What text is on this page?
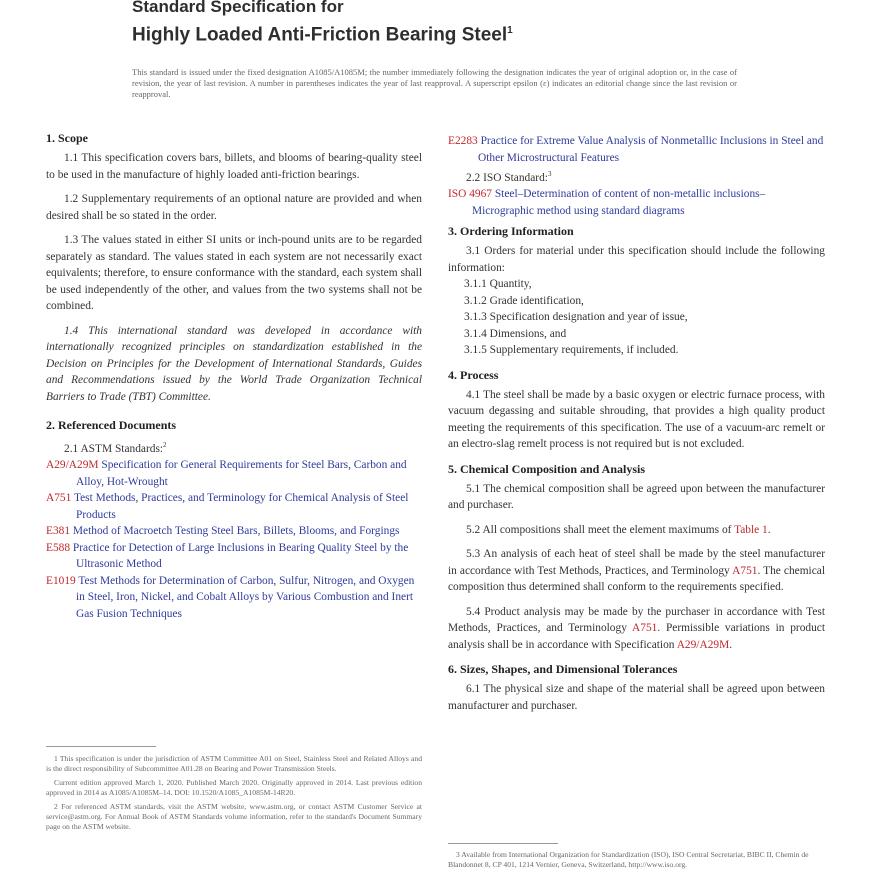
Standard Specification for
Highly Loaded Anti-Friction Bearing Steel$^1$
This standard is issued under the fixed designation A1085/A1085M; the number immediately following the designation indicates the year of original adoption or, in the case of revision, the year of last revision. A number in parentheses indicates the year of last reapproval. A superscript epsilon (ε) indicates an editorial change since the last revision or reapproval.
1. Scope

1.1 This specification covers bars, billets, and blooms of bearing-quality steel to be used in the manufacture of highly loaded anti-friction bearings.

1.2 Supplementary requirements of an optional nature are provided and when desired shall be so stated in the order.

1.3 The values stated in either SI units or inch-pound units are to be regarded separately as standard. The values stated in each system are not necessarily exact equivalents; therefore, to ensure conformance with the standard, each system shall be used independently of the other, and values from the two systems shall not be combined.

1.4 This international standard was developed in accordance with internationally recognized principles on standardization established in the Decision on Principles for the Development of International Standards, Guides and Recommendations issued by the World Trade Organization Technical Barriers to Trade (TBT) Committee.

2. Referenced Documents

2.1 ASTM Standards:$^2$

A29/A29M Specification for General Requirements for Steel Bars, Carbon and Alloy, Hot-Wrought

A751 Test Methods, Practices, and Terminology for Chemical Analysis of Steel Products

E381 Method of Macroetch Testing Steel Bars, Billets, Blooms, and Forgings

E588 Practice for Detection of Large Inclusions in Bearing Quality Steel by the Ultrasonic Method

E1019 Test Methods for Determination of Carbon, Sulfur, Nitrogen, and Oxygen in Steel, Iron, Nickel, and Cobalt Alloys by Various Combustion and Inert Gas Fusion Techniques

1 This specification is under the jurisdiction of ASTM Committee A01 on Steel, Stainless Steel and Related Alloys and is the direct responsibility of Subcommittee A01.28 on Bearing and Power Transmission Steels.

Current edition approved March 1, 2020. Published March 2020. Originally approved in 2014. Last previous edition approved in 2014 as A1085/A1085M–14. DOI: 10.1520/A1085_A1085M-14R20.

2 For referenced ASTM standards, visit the ASTM website, www.astm.org, or contact ASTM Customer Service at service@astm.org. For Annual Book of ASTM Standards volume information, refer to the standard's Document Summary page on the ASTM website.

E2283 Practice for Extreme Value Analysis of Nonmetallic Inclusions in Steel and Other Microstructural Features

2.2 ISO Standard:$^3$

ISO 4967 Steel–Determination of content of non-metallic inclusions–Micrographic method using standard diagrams

3. Ordering Information

3.1 Orders for material under this specification should include the following information:

3.1.1 Quantity,

3.1.2 Grade identification,

3.1.3 Specification designation and year of issue,

3.1.4 Dimensions, and

3.1.5 Supplementary requirements, if included.

4. Process

4.1 The steel shall be made by a basic oxygen or electric furnace process, with vacuum degassing and suitable shrouding, that provides a high quality product meeting the requirements of this specification. The use of a vacuum-arc remelt or an electro-slag remelt process is not required but is not excluded.

5. Chemical Composition and Analysis

5.1 The chemical composition shall be agreed upon between the manufacturer and purchaser.

5.2 All compositions shall meet the element maximums of Table 1.

5.3 An analysis of each heat of steel shall be made by the steel manufacturer in accordance with Test Methods, Practices, and Terminology A751. The chemical composition thus determined shall conform to the requirements specified.

5.4 Product analysis may be made by the purchaser in accordance with Test Methods, Practices, and Terminology A751. Permissible variations in product analysis shall be in accordance with Specification A29/A29M.

6. Sizes, Shapes, and Dimensional Tolerances

6.1 The physical size and shape of the material shall be agreed upon between manufacturer and purchaser.

3 Available from International Organization for Standardization (ISO), ISO Central Secretariat, BIBC II, Chemin de Blandonnet 8, CP 401, 1214 Vernier, Geneva, Switzerland, http://www.iso.org.
